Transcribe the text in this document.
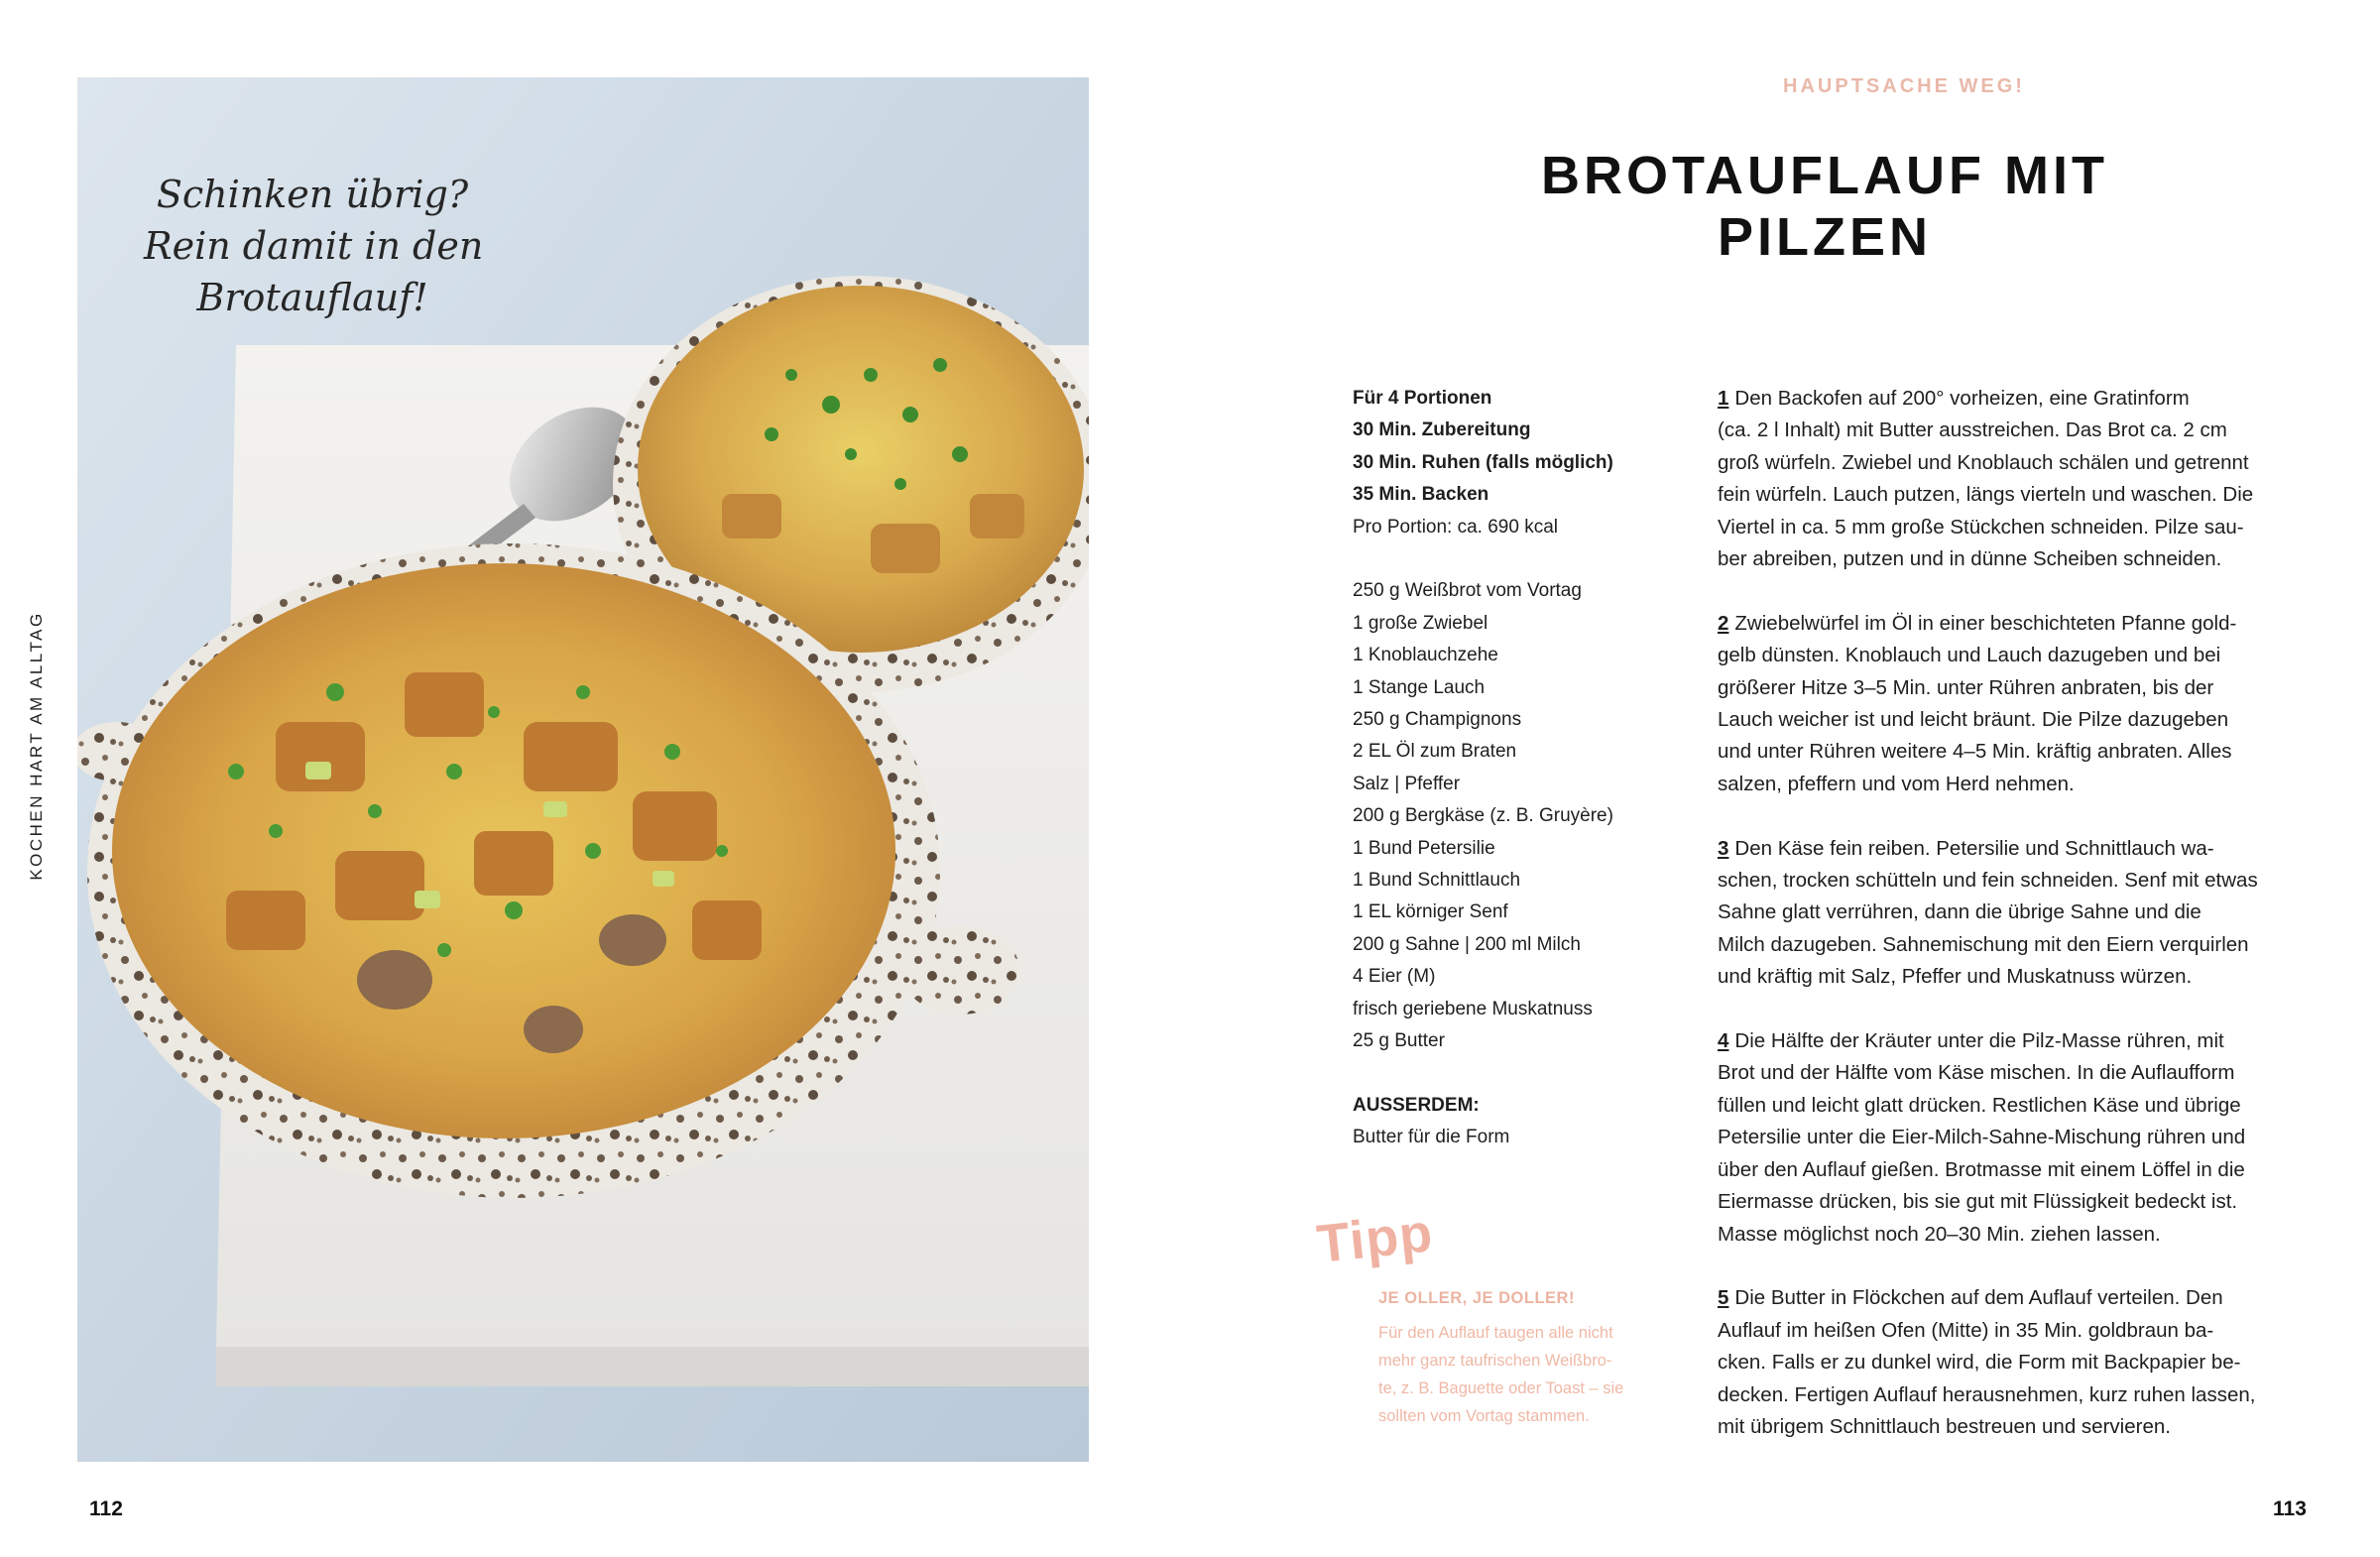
Schinken übrig?
Rein damit in den
Brotauflauf!
KOCHEN HART AM ALLTAG
112	113
HAUPTSACHE WEG!
BROTAUFLAUF MIT PILZEN
Für 4 Portionen
30 Min. Zubereitung
30 Min. Ruhen (falls möglich)
35 Min. Backen
Pro Portion: ca. 690 kcal
250 g Weißbrot vom Vortag
1 große Zwiebel
1 Knoblauchzehe
1 Stange Lauch
250 g Champignons
2 EL Öl zum Braten
Salz | Pfeffer
200 g Bergkäse (z. B. Gruyère)
1 Bund Petersilie
1 Bund Schnittlauch
1 EL körniger Senf
200 g Sahne | 200 ml Milch
4 Eier (M)
frisch geriebene Muskatnuss
25 g Butter
AUSSERDEM:
Butter für die Form
Tipp
JE OLLER, JE DOLLER!
Für den Auflauf taugen alle nicht
mehr ganz taufrischen Weißbro-
te, z. B. Baguette oder Toast – sie
sollten vom Vortag stammen.
1 Den Backofen auf 200° vorheizen, eine Gratinform
(ca. 2 l Inhalt) mit Butter ausstreichen. Das Brot ca. 2 cm
groß würfeln. Zwiebel und Knoblauch schälen und getrennt
fein würfeln. Lauch putzen, längs vierteln und waschen. Die
Viertel in ca. 5 mm große Stückchen schneiden. Pilze sau-
ber abreiben, putzen und in dünne Scheiben schneiden.
2 Zwiebelwürfel im Öl in einer beschichteten Pfanne gold-
gelb dünsten. Knoblauch und Lauch dazugeben und bei
größerer Hitze 3–5 Min. unter Rühren anbraten, bis der
Lauch weicher ist und leicht bräunt. Die Pilze dazugeben
und unter Rühren weitere 4–5 Min. kräftig anbraten. Alles
salzen, pfeffern und vom Herd nehmen.
3 Den Käse fein reiben. Petersilie und Schnittlauch wa-
schen, trocken schütteln und fein schneiden. Senf mit etwas
Sahne glatt verrühren, dann die übrige Sahne und die
Milch dazugeben. Sahnemischung mit den Eiern verquirlen
und kräftig mit Salz, Pfeffer und Muskatnuss würzen.
4 Die Hälfte der Kräuter unter die Pilz-Masse rühren, mit
Brot und der Hälfte vom Käse mischen. In die Auflaufform
füllen und leicht glatt drücken. Restlichen Käse und übrige
Petersilie unter die Eier-Milch-Sahne-Mischung rühren und
über den Auflauf gießen. Brotmasse mit einem Löffel in die
Eiermasse drücken, bis sie gut mit Flüssigkeit bedeckt ist.
Masse möglichst noch 20–30 Min. ziehen lassen.
5 Die Butter in Flöckchen auf dem Auflauf verteilen. Den
Auflauf im heißen Ofen (Mitte) in 35 Min. goldbraun ba-
cken. Falls er zu dunkel wird, die Form mit Backpapier be-
decken. Fertigen Auflauf herausnehmen, kurz ruhen lassen,
mit übrigem Schnittlauch bestreuen und servieren.
